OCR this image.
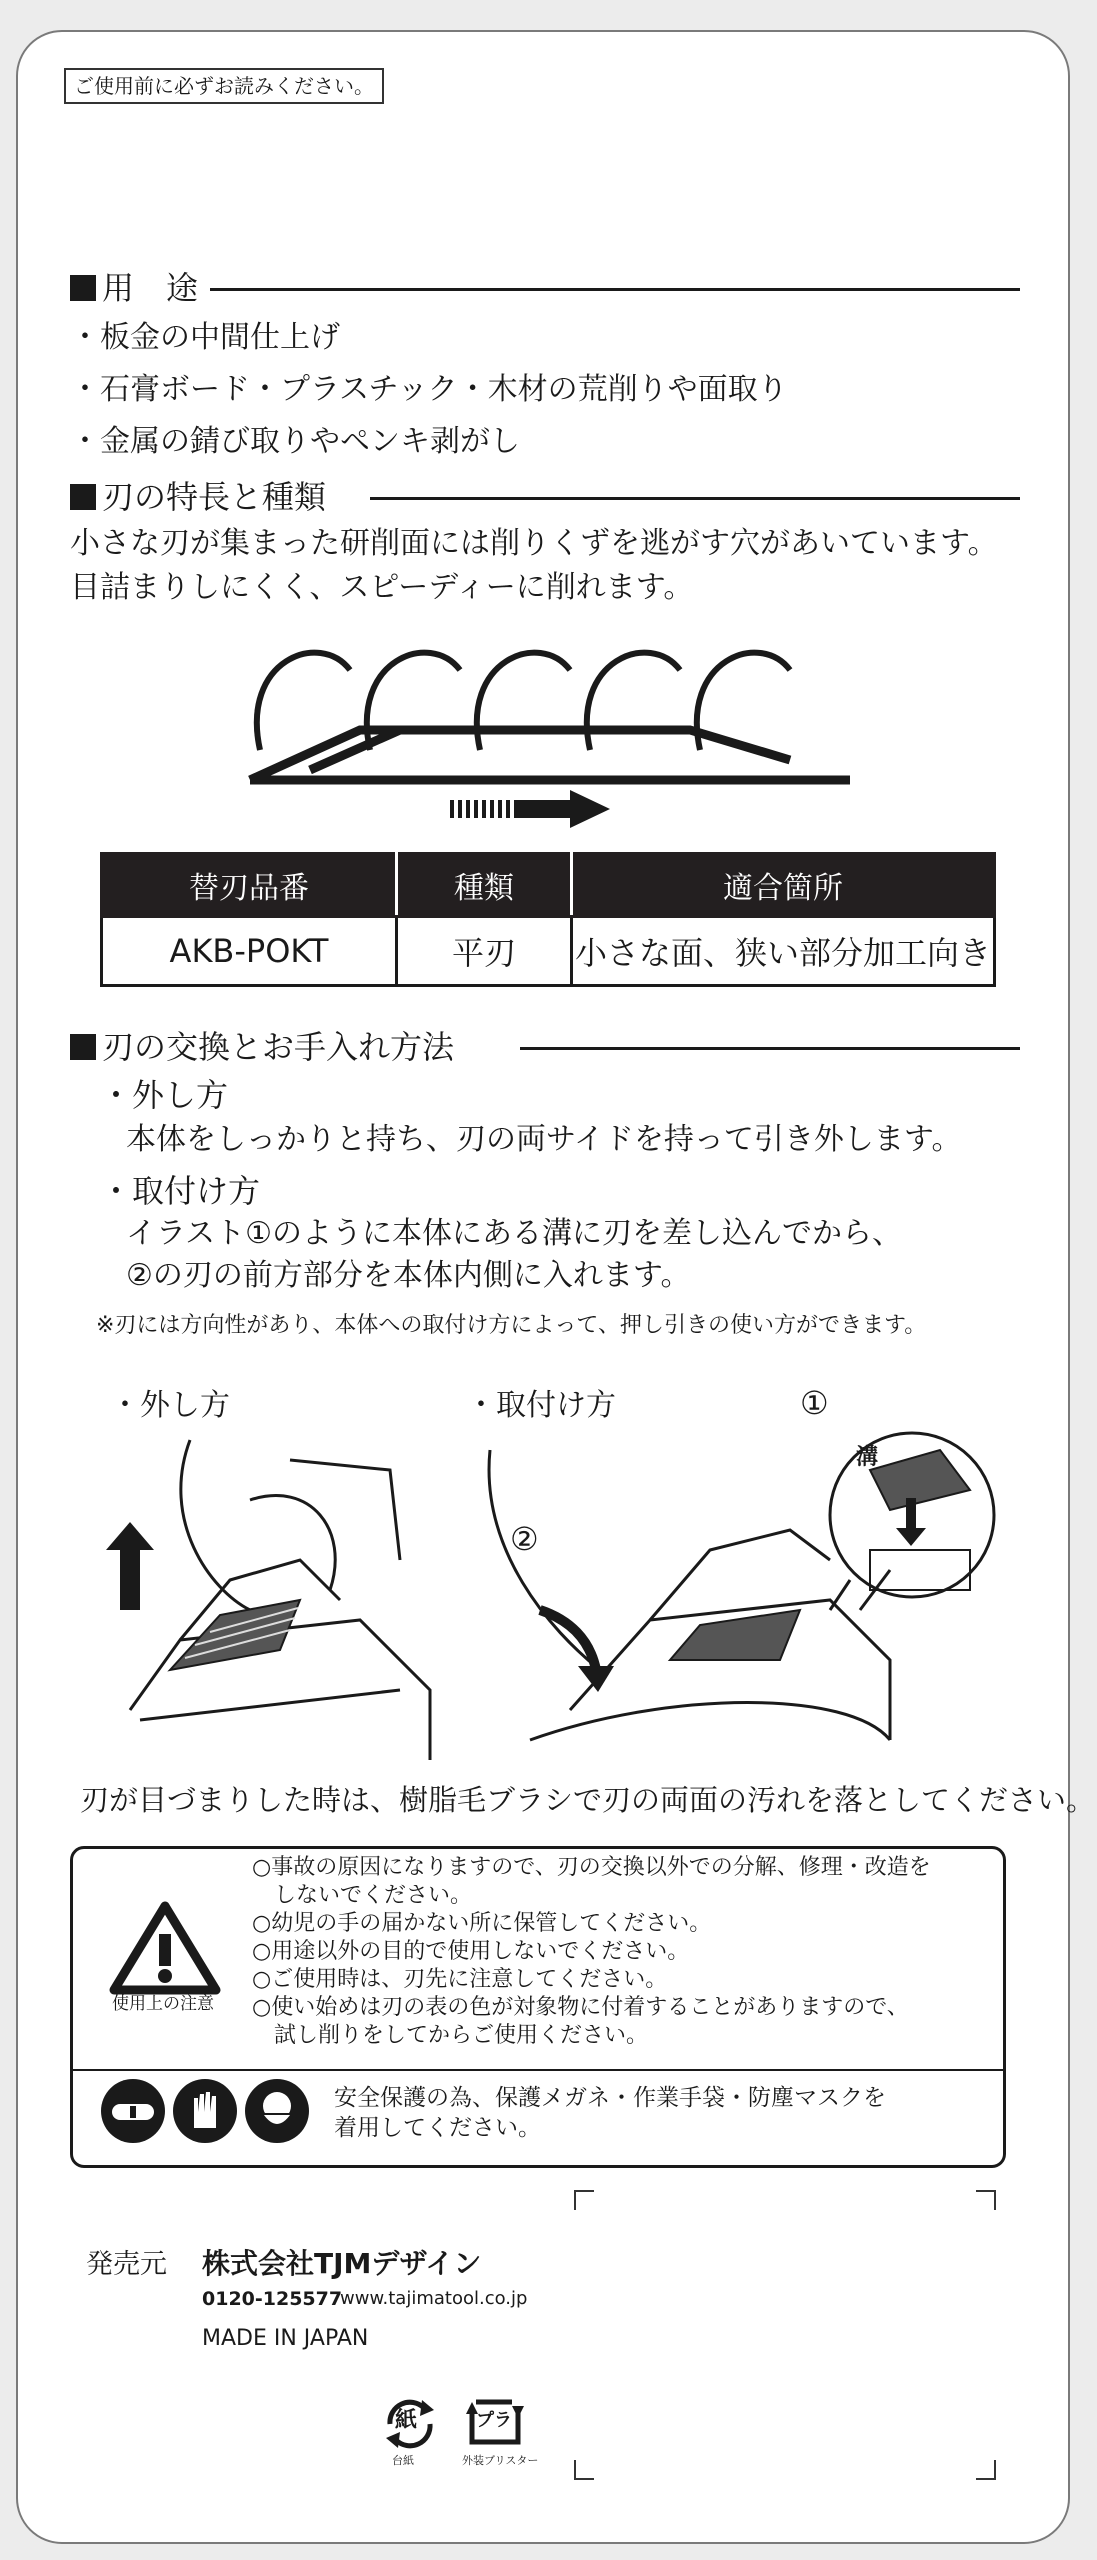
ご使用前に必ずお読みください。
用　途
・板金の中間仕上げ
・石膏ボード・プラスチック・木材の荒削りや面取り
・金属の錆び取りやペンキ剥がし
刃の特長と種類
小さな刃が集まった研削面には削りくずを逃がす穴があいています。
目詰まりしにくく、スピーディーに削れます。
替刃品番	種類	適合箇所
AKB-POKT	平刃	小さな面、狭い部分加工向き
刃の交換とお手入れ方法
・外し方
本体をしっかりと持ち、刃の両サイドを持って引き外します。
・取付け方
イラスト①のように本体にある溝に刃を差し込んでから、
②の刃の前方部分を本体内側に入れます。
※刃には方向性があり、本体への取付け方によって、押し引きの使い方ができます。
・外し方	・取付け方	①
②
溝
刃が目づまりした時は、樹脂毛ブラシで刃の両面の汚れを落としてください。
使用上の注意
○事故の原因になりますので、刃の交換以外での分解、修理・改造を
　しないでください。
○幼児の手の届かない所に保管してください。
○用途以外の目的で使用しないでください。
○ご使用時は、刃先に注意してください。
○使い始めは刃の表の色が対象物に付着することがありますので、
　試し削りをしてからご使用ください。
安全保護の為、保護メガネ・作業手袋・防塵マスクを
着用してください。
発売元 株式会社TJMデザイン
0120-125577
www.tajimatool.co.jp
MADE IN JAPAN
紙
台紙
プラ
外装ブリスター
